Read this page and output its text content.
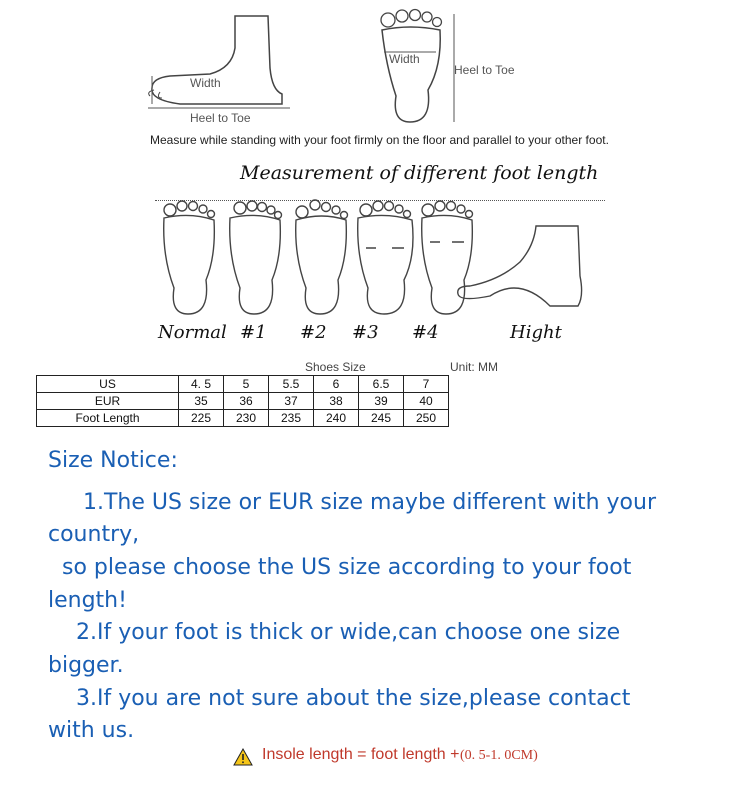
Width
Heel to Toe
Width
Heel to Toe
Measure while standing with your foot firmly on the floor and parallel to your other foot.
Measurement of different foot length
Normal #1 #2 #3 #4	Hight
Shoes Size	Unit: MM
US	4. 5	5	5.5	6	6.5	7
EUR	35	36	37	38	39	40
Foot Length	225	230	235	240	245	250
Size Notice:
1.The US size or EUR size maybe different with your
country,
so please choose the US size according to your foot
length!
2.If your foot is thick or wide,can choose one size
bigger.
3.If you are not sure about the size,please contact
with us.
Insole length = foot length + (0. 5-1. 0CM)
